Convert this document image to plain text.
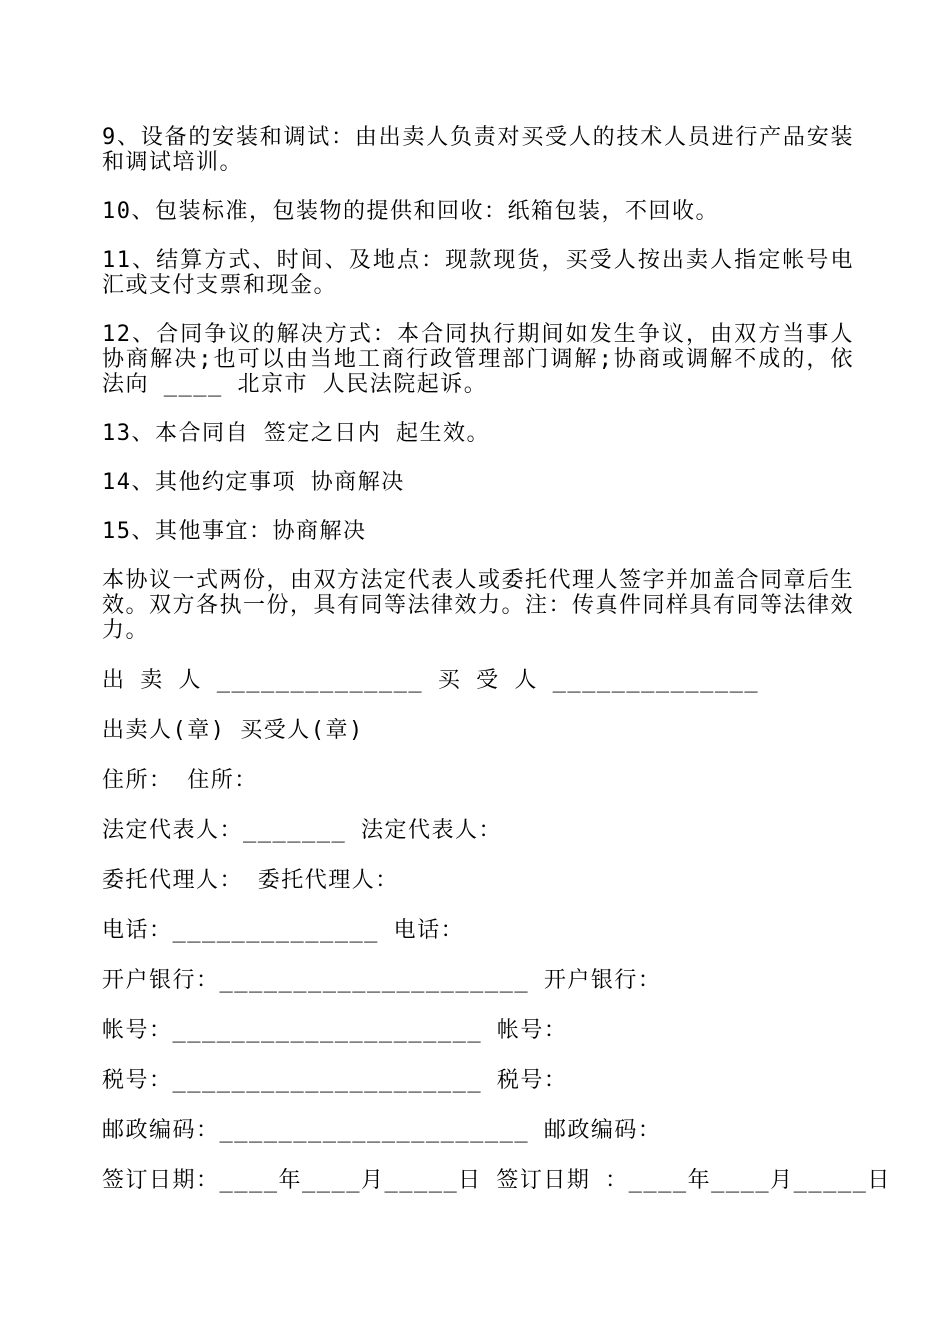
9、设备的安装和调试：由出卖人负责对买受人的技术人员进行产品安装和调试培训。

10、包装标准，包装物的提供和回收：纸箱包装，不回收。

11、结算方式、时间、及地点：现款现货，买受人按出卖人指定帐号电汇或支付支票和现金。

12、合同争议的解决方式：本合同执行期间如发生争议，由双方当事人协商解决;也可以由当地工商行政管理部门调解;协商或调解不成的，依法向 ____ 北京市 人民法院起诉。

13、本合同自 签定之日内 起生效。

14、其他约定事项 协商解决

15、其他事宜：协商解决

本协议一式两份，由双方法定代表人或委托代理人签字并加盖合同章后生效。双方各执一份，具有同等法律效力。注：传真件同样具有同等法律效力。

出 卖 人 ______________ 买 受 人 ______________
出卖人(章) 买受人(章)
住所： 住所：
法定代表人：_______ 法定代表人：
委托代理人： 委托代理人：
电话：______________ 电话：
开户银行：_____________________ 开户银行：
帐号：_____________________ 帐号：
税号：_____________________ 税号：
邮政编码：_____________________ 邮政编码：
签订日期：____年____月_____日 签订日期 ：____年____月_____日
